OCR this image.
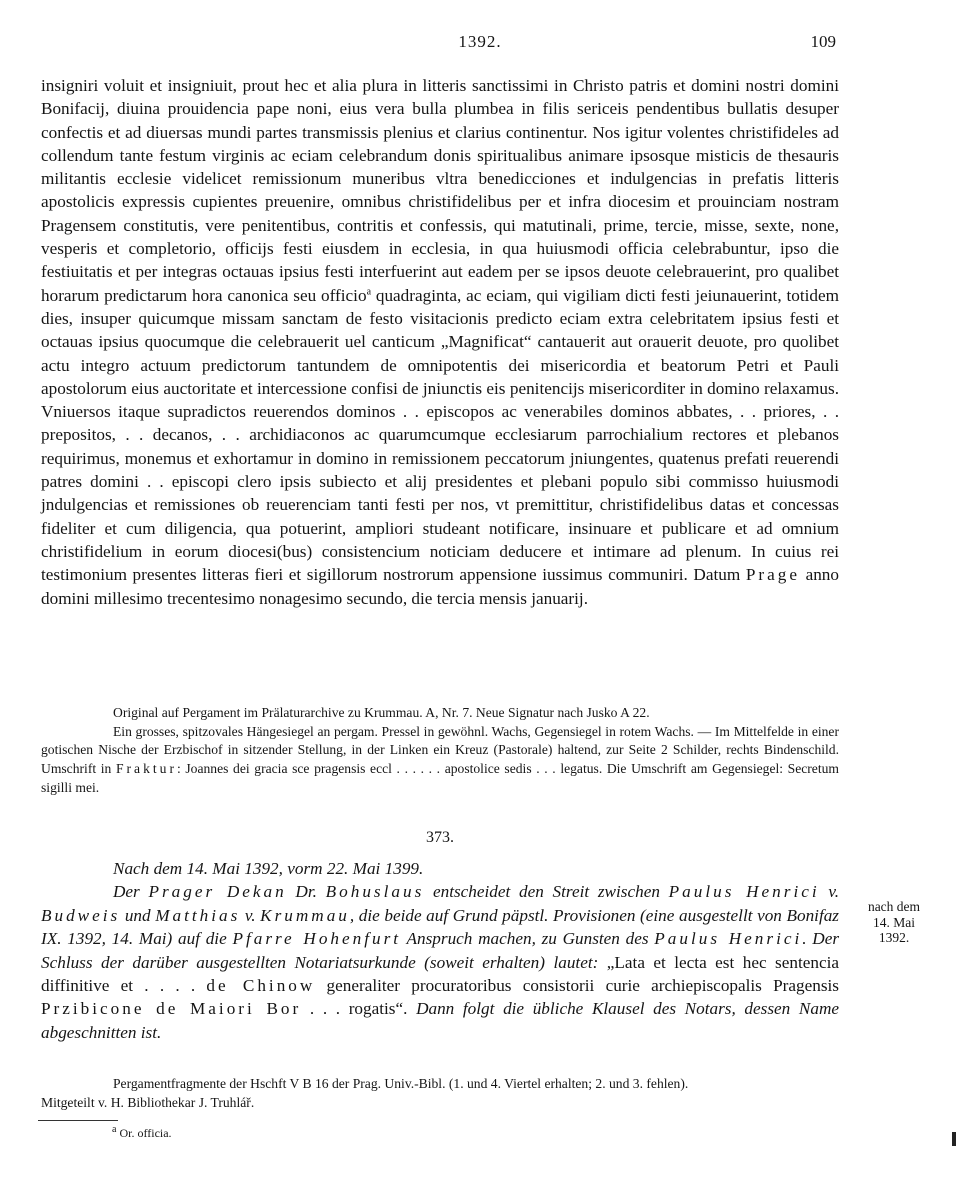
1392.	109

insigniri voluit et insigniuit, prout hec et alia plura in litteris sanctissimi in Christo patris et domini nostri domini Bonifacij, diuina prouidencia pape noni, eius vera bulla plumbea in filis sericeis pendentibus bullatis desuper confectis et ad diuersas mundi partes transmissis plenius et clarius continentur. Nos igitur volentes christifideles ad collendum tante festum virginis ac eciam celebrandum donis spiritualibus animare ipsosque misticis de thesauris militantis ecclesie videlicet remissionum muneribus vltra benedicciones et indulgencias in prefatis litteris apostolicis expressis cupientes preuenire, omnibus christifidelibus per et infra diocesim et prouinciam nostram Pragensem constitutis, vere penitentibus, contritis et confessis, qui matutinali, prime, tercie, misse, sexte, none, vesperis et completorio, officijs festi eiusdem in ecclesia, in qua huiusmodi officia celebrabuntur, ipso die festiuitatis et per integras octauas ipsius festi interfuerint aut eadem per se ipsos deuote celebrauerint, pro qualibet horarum predictarum hora canonica seu officio$^a$ quadraginta, ac eciam, qui vigiliam dicti festi jeiunauerint, totidem dies, insuper quicumque missam sanctam de festo visitacionis predicto eciam extra celebritatem ipsius festi et octauas ipsius quocumque die celebrauerit uel canticum „Magnificat“ cantauerit aut orauerit deuote, pro quolibet actu integro actuum predictorum tantundem de omnipotentis dei misericordia et beatorum Petri et Pauli apostolorum eius auctoritate et intercessione confisi de jniunctis eis penitencijs misericorditer in domino relaxamus. Vniuersos itaque supradictos reuerendos dominos . . episcopos ac venerabiles dominos abbates, . . priores, . . prepositos, . . decanos, . . archidiaconos ac quarumcumque ecclesiarum parrochialium rectores et plebanos requirimus, monemus et exhortamur in domino in remissionem peccatorum jniungentes, quatenus prefati reuerendi patres domini . . episcopi clero ipsis subiecto et alij presidentes et plebani populo sibi commisso huiusmodi jndulgencias et remissiones ob reuerenciam tanti festi per nos, vt premittitur, christifidelibus datas et concessas fideliter et cum diligencia, qua potuerint, ampliori studeant notificare, insinuare et publicare et ad omnium christifidelium in eorum diocesi(bus) consistencium noticiam deducere et intimare ad plenum. In cuius rei testimonium presentes litteras fieri et sigillorum nostrorum appensione iussimus communiri. Datum Prage anno domini millesimo trecentesimo nonagesimo secundo, die tercia mensis januarij.

Original auf Pergament im Prälaturarchive zu Krummau. A, Nr. 7. Neue Signatur nach Jusko A 22.

Ein grosses, spitzovales Hängesiegel an pergam. Pressel in gewöhnl. Wachs, Gegensiegel in rotem Wachs. — Im Mittelfelde in einer gotischen Nische der Erzbischof in sitzender Stellung, in der Linken ein Kreuz (Pastorale) haltend, zur Seite 2 Schilder, rechts Bindenschild. Umschrift in Fraktur: Joannes dei gracia sce pragensis eccl . . . . . . apostolice sedis . . . legatus. Die Umschrift am Gegensiegel: Secretum sigilli mei.

373.

Nach dem 14. Mai 1392, vorm 22. Mai 1399.

Der Prager Dekan Dr. Bohuslaus entscheidet den Streit zwischen Paulus Henrici v. Budweis und Matthias v. Krummau, die beide auf Grund päpstl. Provisionen (eine ausgestellt von Bonifaz IX. 1392, 14. Mai) auf die Pfarre Hohenfurt Anspruch machen, zu Gunsten des Paulus Henrici. Der Schluss der darüber ausgestellten Notariatsurkunde (soweit erhalten) lautet: „Lata et lecta est hec sentencia diffinitive et . . . . de Chinow generaliter procuratoribus consistorii curie archiepiscopalis Pragensis Przibicone de Maiori Bor . . . rogatis“. Dann folgt die übliche Klausel des Notars, dessen Name abgeschnitten ist.

nach dem
14. Mai
1392.

Pergamentfragmente der Hschft V B 16 der Prag. Univ.-Bibl. (1. und 4. Viertel erhalten; 2. und 3. fehlen).

Mitgeteilt v. H. Bibliothekar J. Truhlář.

$^a$ Or. officia.
